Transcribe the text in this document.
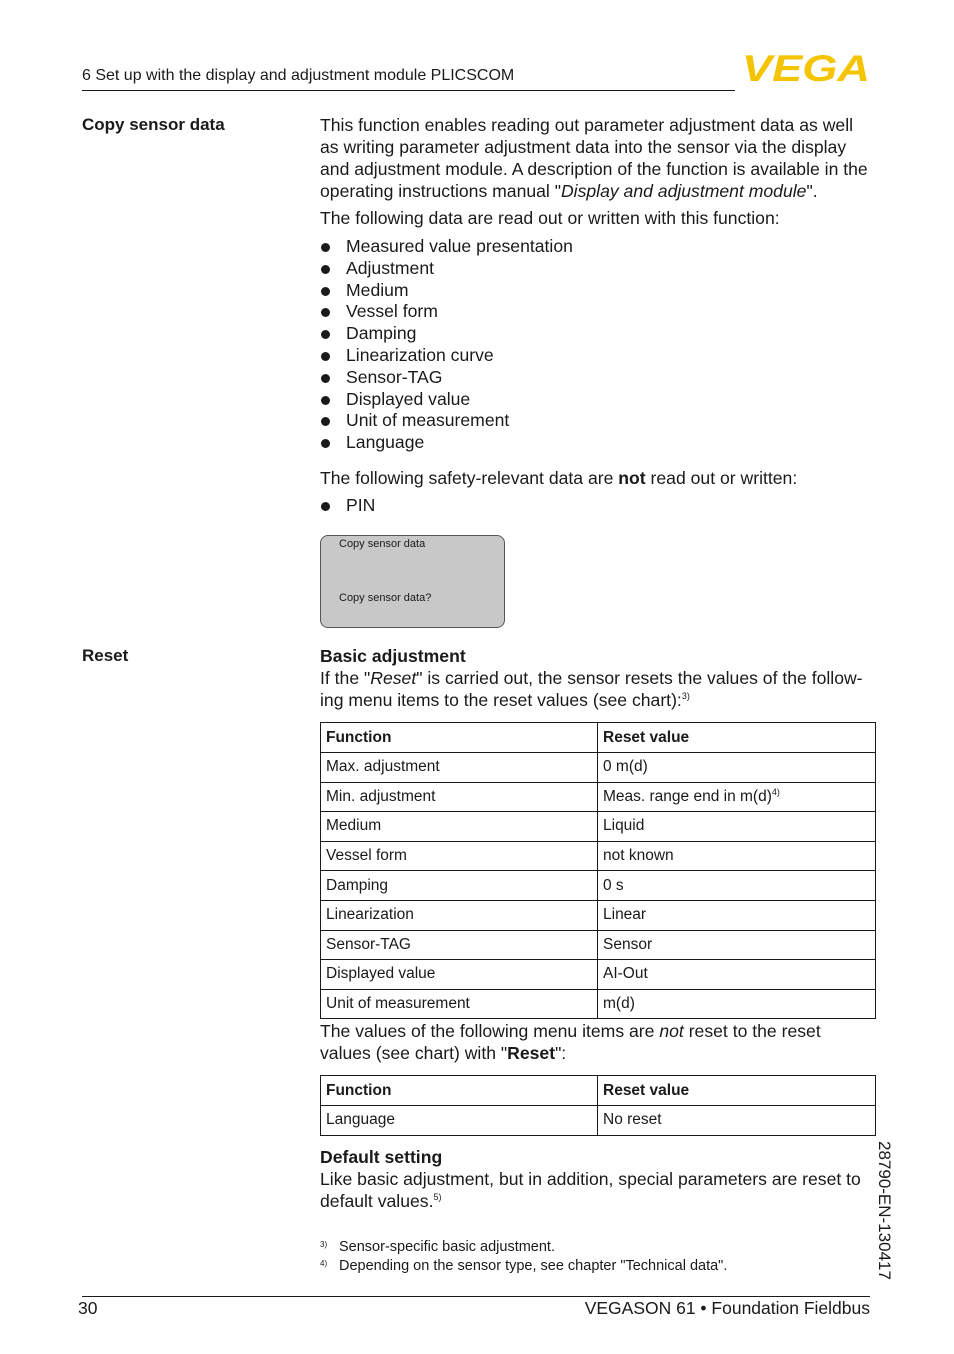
6 Set up with the display and adjustment module PLICSCOM	VEGA
Copy sensor data	This function enables reading out parameter adjustment data as well as writing parameter adjustment data into the sensor via the display and adjustment module. A description of the function is available in the operating instructions manual "Display and adjustment module".

The following data are read out or written with this function:
Measured value presentation
Adjustment
Medium
Vessel form
Damping
Linearization curve
Sensor-TAG
Displayed value
Unit of measurement
Language
The following safety-relevant data are not read out or written:
PIN
Copy sensor data
Copy sensor data?
Reset	Basic adjustment
If the "Reset" is carried out, the sensor resets the values of the follow-ing menu items to the reset values (see chart):$^{3)}$
Function	Reset value
Max. adjustment	0 m(d)
Min. adjustment	Meas. range end in $m(d)^{4)}$
Medium	Liquid
Vessel form	not known
Damping	0 s
Linearization	Linear
Sensor-TAG	Sensor
Displayed value	AI-Out
Unit of measurement	m(d)
The values of the following menu items are not reset to the reset values (see chart) with "Reset":
Function	Reset value
Language	No reset
Default setting
Like basic adjustment, but in addition, special parameters are reset to default values.$^{5)}$
3) Sensor-specific basic adjustment.
4) Depending on the sensor type, see chapter "Technical data".	28790-EN-130417
30	VEGASON 61 • Foundation Fieldbus
